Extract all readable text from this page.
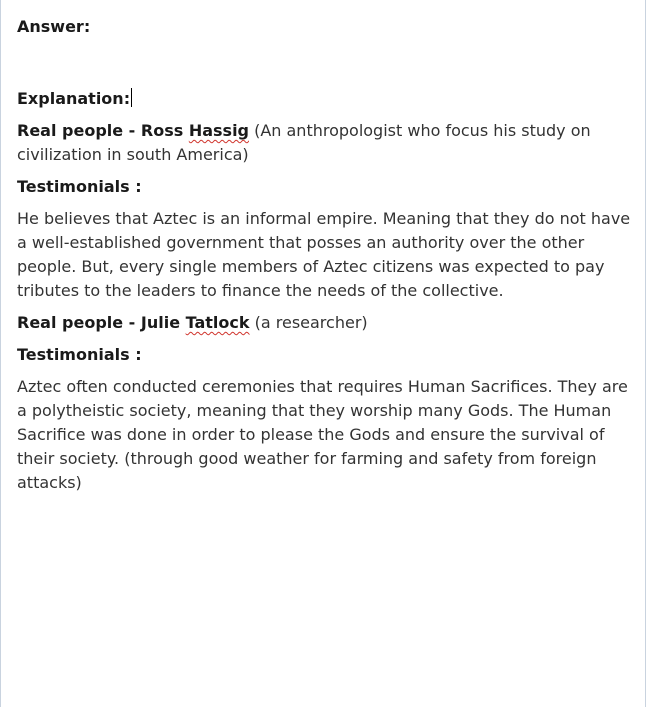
Answer:

Explanation:

Real people - Ross Hassig (An anthropologist who focus his study on civilization in south America)

Testimonials :

He believes that Aztec is an informal empire. Meaning that they do not have a well-established government that posses an authority over the other people. But, every single members of Aztec citizens was expected to pay tributes to the leaders to finance the needs of the collective.

Real people - Julie Tatlock (a researcher)

Testimonials :

Aztec often conducted ceremonies that requires Human Sacrifices. They are a polytheistic society, meaning that they worship many Gods. The Human Sacrifice was done in order to please the Gods and ensure the survival of their society. (through good weather for farming and safety from foreign attacks)
